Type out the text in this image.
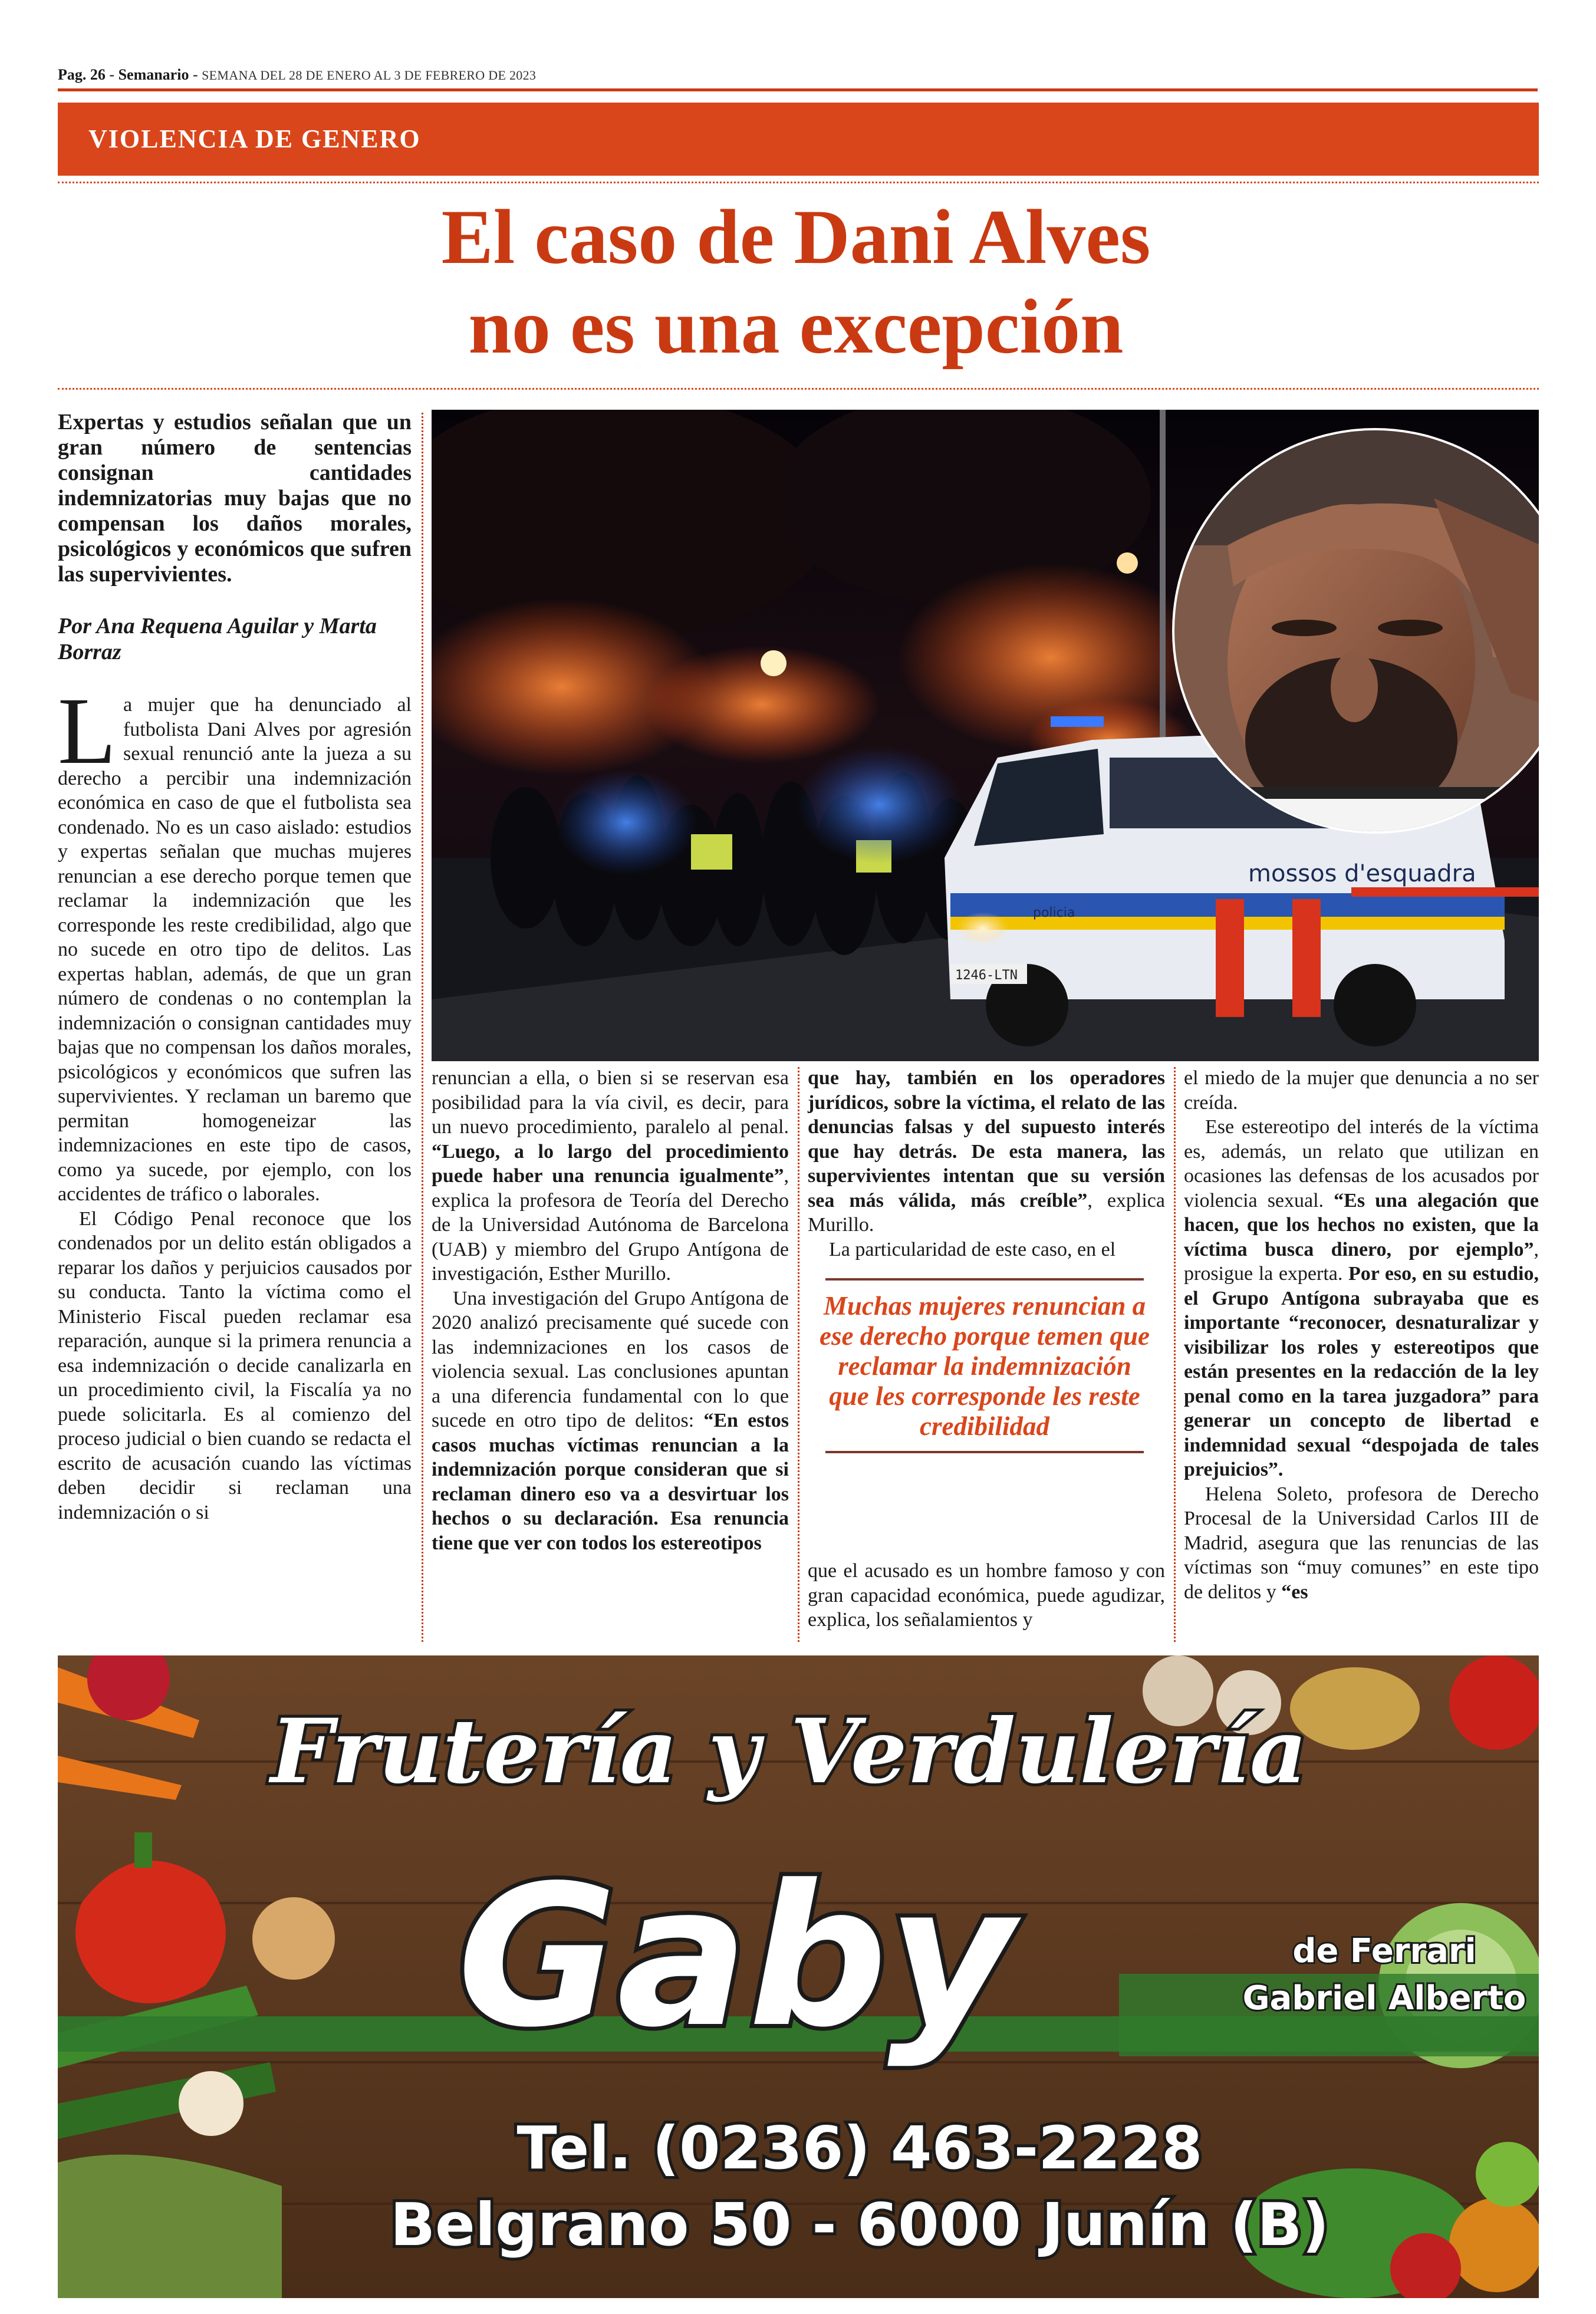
Pag. 26 - Semanario - SEMANA DEL 28 DE ENERO AL 3 DE FEBRERO DE 2023
VIOLENCIA DE GENERO
El caso de Dani Alves
no es una excepción
Expertas y estudios señalan que un gran número de sentencias consignan cantidades indemnizatorias muy bajas que no compensan los daños morales, psicológicos y económicos que sufren las supervivientes.
Por Ana Requena Aguilar y Marta Borraz

La mujer que ha denunciado al futbolista Dani Alves por agresión sexual renunció ante la jueza a su derecho a percibir una indemnización económica en caso de que el futbolista sea condenado. No es un caso aislado: estudios y expertas señalan que muchas mujeres renuncian a ese derecho porque temen que reclamar la indemnización que les corresponde les reste credibilidad, algo que no sucede en otro tipo de delitos. Las expertas hablan, además, de que un gran número de condenas o no contemplan la indemnización o consignan cantidades muy bajas que no compensan los daños morales, psicológicos y económicos que sufren las supervivientes. Y reclaman un baremo que permitan homogeneizar las indemnizaciones en este tipo de casos, como ya sucede, por ejemplo, con los accidentes de tráfico o laborales.

El Código Penal reconoce que los condenados por un delito están obligados a reparar los daños y perjuicios causados por su conducta. Tanto la víctima como el Ministerio Fiscal pueden reclamar esa reparación, aunque si la primera renuncia a esa indemnización o decide canalizarla en un procedimiento civil, la Fiscalía ya no puede solicitarla. Es al comienzo del proceso judicial o bien cuando se redacta el escrito de acusación cuando las víctimas deben decidir si reclaman una indemnización o si

mossos d'esquadra
policia
1246-LTN

renuncian a ella, o bien si se reservan esa posibilidad para la vía civil, es decir, para un nuevo procedimiento, paralelo al penal. “Luego, a lo largo del procedimiento puede haber una renuncia igualmente”, explica la profesora de Teoría del Derecho de la Universidad Autónoma de Barcelona (UAB) y miembro del Grupo Antígona de investigación, Esther Murillo.

Una investigación del Grupo Antígona de 2020 analizó precisamente qué sucede con las indemnizaciones en los casos de violencia sexual. Las conclusiones apuntan a una diferencia fundamental con lo que sucede en otro tipo de delitos: “En estos casos muchas víctimas renuncian a la indemnización porque consideran que si reclaman dinero eso va a desvirtuar los hechos o su declaración. Esa renuncia tiene que ver con todos los estereotipos

que hay, también en los operadores jurídicos, sobre la víctima, el relato de las denuncias falsas y del supuesto interés que hay detrás. De esta manera, las supervivientes intentan que su versión sea más válida, más creíble”, explica Murillo.

La particularidad de este caso, en el

Muchas mujeres renuncian a ese derecho porque temen que reclamar la indemnización que les corresponde les reste credibilidad

que el acusado es un hombre famoso y con gran capacidad económica, puede agudizar, explica, los señalamientos y

el miedo de la mujer que denuncia a no ser creída.

Ese estereotipo del interés de la víctima es, además, un relato que utilizan en ocasiones las defensas de los acusados por violencia sexual. “Es una alegación que hacen, que los hechos no existen, que la víctima busca dinero, por ejemplo”, prosigue la experta. Por eso, en su estudio, el Grupo Antígona subrayaba que es importante “reconocer, desnaturalizar y visibilizar los roles y estereotipos que están presentes en la redacción de la ley penal como en la tarea juzgadora” para generar un concepto de libertad e indemnidad sexual “despojada de tales prejuicios”.

Helena Soleto, profesora de Derecho Procesal de la Universidad Carlos III de Madrid, asegura que las renuncias de las víctimas son “muy comunes” en este tipo de delitos y “es

Frutería y Verdulería
Gaby	de Ferrari
Gabriel Alberto
Tel. (0236) 463-2228
Belgrano 50 - 6000 Junín (B)
